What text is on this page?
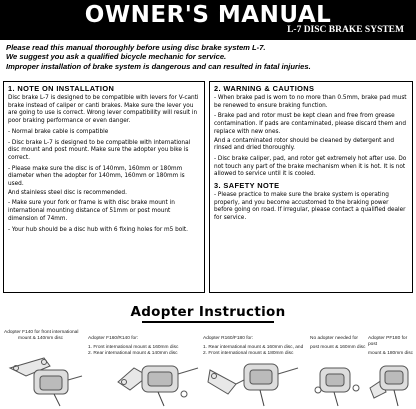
OWNER'S MANUAL
L-7 DISC BRAKE SYSTEM
Please read this manual thoroughly before using disc brake system L-7.
We suggest you ask a qualified bicycle mechanic for service.
Improper installation of brake system is dangerous and can resulted in fatal injuries.
1. NOTE ON INSTALLATION
Disc brake L-7 is designed to be compatible with levers for V-canti brake instead of caliper or canti brakes. Make sure the lever you are going to use is correct. Wrong lever compatibility will result in poor braking performance or even danger.
- Normal brake cable is compatible
- Disc brake L-7 is designed to be compatible with international disc mount and post mount. Make sure the adopter you bike is correct.
- Please make sure the disc is of 140mm, 160mm or 180mm diameter when the adopter for 140mm, 160mm or 180mm is used.
And stainless steel disc is recommended.
- Make sure your fork or frame is with disc brake mount in international mounting distance of 51mm or post mount dimension of 74mm.
- Your hub should be a disc hub with 6 fixing holes for m5 bolt.
2. WARNING & CAUTIONS
- When brake pad is worn to no more than 0.5mm, brake pad must be renewed to ensure braking function.
- Brake pad and rotor must be kept clean and free from grease contamination. If pads are contaminated, please discard them and replace with new ones.
And a contaminated rotor should be cleaned by detergent and rinsed and dried thoroughly.
- Disc brake caliper, pad, and rotor get extremely hot after use. Do not touch any part of the brake mechanism when it is hot. It is not allowed to service until it is cooled.
3. SAFETY NOTE
- Please practice to make sure the brake system is operating properly, and you become accustomed to the braking power before going on road. If irregular, please contact a qualified dealer for service.
Adopter Instruction
Adopter F140 for front international
mount & 140mm disc	Adopter F160/R140 for:
1. Front international mount & 160mm disc
2. Rear international mount & 140mm disc
Adopter R160/F180 for:
1. Rear international mount & 160mm disc, and
2. Front international mount & 180mm disc
No adopter needed for
post mount & 160mm disc
Adopter PF180 for post
mount & 180mm disc
